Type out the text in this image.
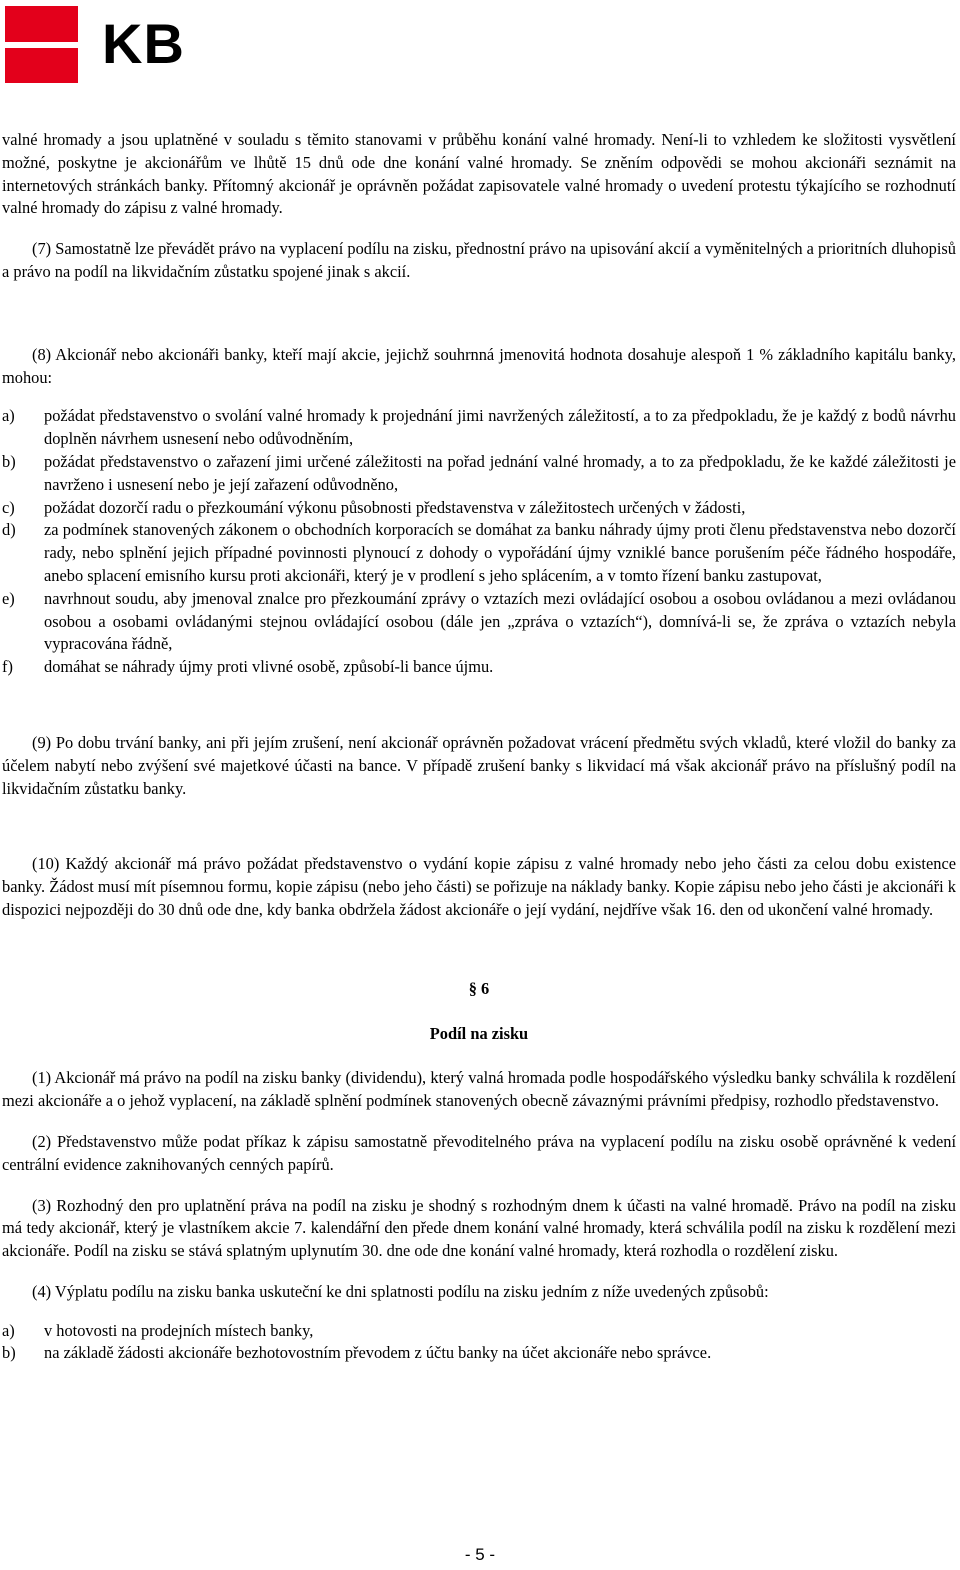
KB

valné hromady a jsou uplatněné v souladu s těmito stanovami v průběhu konání valné hromady. Není-li to vzhledem ke složitosti vysvětlení možné, poskytne je akcionářům ve lhůtě 15 dnů ode dne konání valné hromady. Se zněním odpovědi se mohou akcionáři seznámit na internetových stránkách banky. Přítomný akcionář je oprávněn požádat zapisovatele valné hromady o uvedení protestu týkajícího se rozhodnutí valné hromady do zápisu z valné hromady.

(7) Samostatně lze převádět právo na vyplacení podílu na zisku, přednostní právo na upisování akcií a vyměnitelných a prioritních dluhopisů a právo na podíl na likvidačním zůstatku spojené jinak s akcií.

(8) Akcionář nebo akcionáři banky, kteří mají akcie, jejichž souhrnná jmenovitá hodnota dosahuje alespoň 1 % základního kapitálu banky, mohou:

a)	požádat představenstvo o svolání valné hromady k projednání jimi navržených záležitostí, a to za předpokladu, že je každý z bodů návrhu doplněn návrhem usnesení nebo odůvodněním,
b)	požádat představenstvo o zařazení jimi určené záležitosti na pořad jednání valné hromady, a to za předpokladu, že ke každé záležitosti je navrženo i usnesení nebo je její zařazení odůvodněno,
c)	požádat dozorčí radu o přezkoumání výkonu působnosti představenstva v záležitostech určených v žádosti,
d)	za podmínek stanovených zákonem o obchodních korporacích se domáhat za banku náhrady újmy proti členu představenstva nebo dozorčí rady, nebo splnění jejich případné povinnosti plynoucí z dohody o vypořádání újmy vzniklé bance porušením péče řádného hospodáře, anebo splacení emisního kursu proti akcionáři, který je v prodlení s jeho splácením, a v tomto řízení banku zastupovat,
e)	navrhnout soudu, aby jmenoval znalce pro přezkoumání zprávy o vztazích mezi ovládající osobou a osobou ovládanou a mezi ovládanou osobou a osobami ovládanými stejnou ovládající osobou (dále jen „zpráva o vztazích“), domnívá-li se, že zpráva o vztazích nebyla vypracována řádně,
f)	domáhat se náhrady újmy proti vlivné osobě, způsobí-li bance újmu.

(9) Po dobu trvání banky, ani při jejím zrušení, není akcionář oprávněn požadovat vrácení předmětu svých vkladů, které vložil do banky za účelem nabytí nebo zvýšení své majetkové účasti na bance. V případě zrušení banky s likvidací má však akcionář právo na příslušný podíl na likvidačním zůstatku banky.

(10) Každý akcionář má právo požádat představenstvo o vydání kopie zápisu z valné hromady nebo jeho části za celou dobu existence banky. Žádost musí mít písemnou formu, kopie zápisu (nebo jeho části) se pořizuje na náklady banky. Kopie zápisu nebo jeho části je akcionáři k dispozici nejpozději do 30 dnů ode dne, kdy banka obdržela žádost akcionáře o její vydání, nejdříve však 16. den od ukončení valné hromady.

§ 6

Podíl na zisku

(1) Akcionář má právo na podíl na zisku banky (dividendu), který valná hromada podle hospodářského výsledku banky schválila k rozdělení mezi akcionáře a o jehož vyplacení, na základě splnění podmínek stanovených obecně závaznými právními předpisy, rozhodlo představenstvo.

(2) Představenstvo může podat příkaz k zápisu samostatně převoditelného práva na vyplacení podílu na zisku osobě oprávněné k vedení centrální evidence zaknihovaných cenných papírů.

(3) Rozhodný den pro uplatnění práva na podíl na zisku je shodný s rozhodným dnem k účasti na valné hromadě. Právo na podíl na zisku má tedy akcionář, který je vlastníkem akcie 7. kalendářní den přede dnem konání valné hromady, která schválila podíl na zisku k rozdělení mezi akcionáře. Podíl na zisku se stává splatným uplynutím 30. dne ode dne konání valné hromady, která rozhodla o rozdělení zisku.

(4) Výplatu podílu na zisku banka uskuteční ke dni splatnosti podílu na zisku jedním z níže uvedených způsobů:

a)	v hotovosti na prodejních místech banky,
b)	na základě žádosti akcionáře bezhotovostním převodem z účtu banky na účet akcionáře nebo správce.
- 5 -
